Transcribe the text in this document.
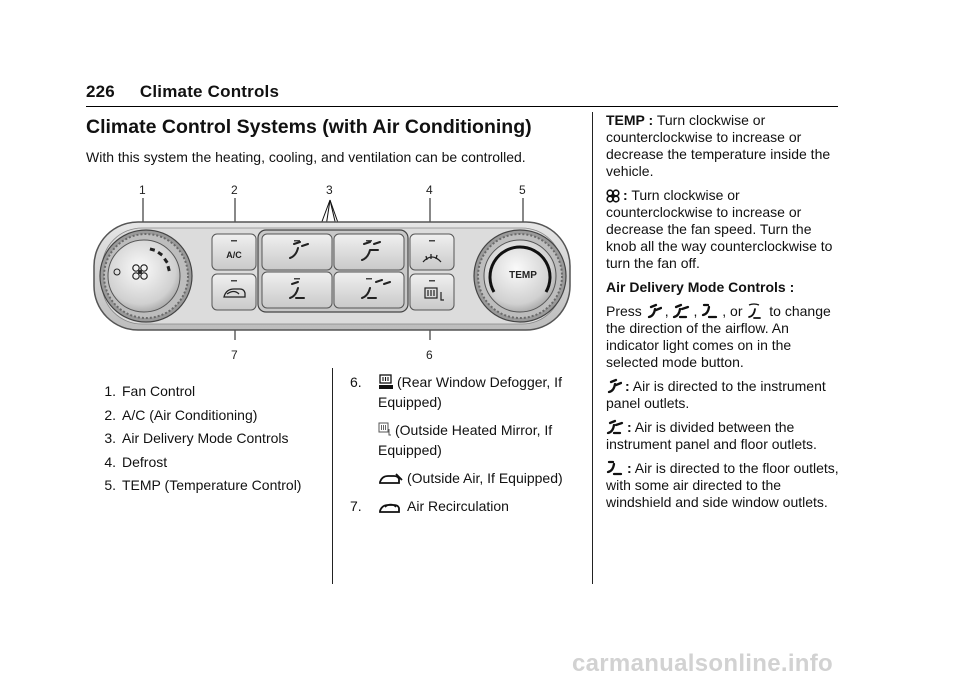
226 Climate Controls
Climate Control Systems (with Air Conditioning)
With this system the heating, cooling, and ventilation can be controlled.
1	2	3	4	5
7	6
A/C
TEMP
1. Fan Control
2. A/C (Air Conditioning)
3. Air Delivery Mode Controls
4. Defrost
5. TEMP (Temperature Control)
6.	(Rear Window Defogger, If Equipped)
(Outside Heated Mirror, If Equipped)
(Outside Air, If Equipped)
7.	Air Recirculation

TEMP : Turn clockwise or counterclockwise to increase or decrease the temperature inside the vehicle.

: Turn clockwise or counterclockwise to increase or decrease the fan speed. Turn the knob all the way counterclockwise to turn the fan off.

Air Delivery Mode Controls :

Press , , , or to change the direction of the airflow. An indicator light comes on in the selected mode button.

: Air is directed to the instrument panel outlets.

: Air is divided between the instrument panel and floor outlets.

: Air is directed to the floor outlets, with some air directed to the windshield and side window outlets.

carmanualsonline.info
